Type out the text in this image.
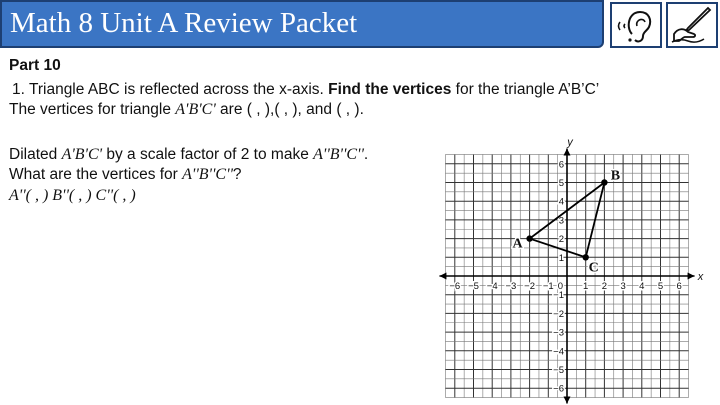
Math 8 Unit A Review Packet
Part 10
1. Triangle ABC is reflected across the x-axis. Find the vertices for the triangle A’B’C’
The vertices for triangle A'B'C' are ( , ),( , ), and ( , ).
Dilated A'B'C' by a scale factor of 2 to make A''B''C''.
What are the vertices for A''B''C''?
A''( , ) B''( , ) C''( , )
x
y
−6 −5 −4 −3 −2 −1	1 2 3 4 5 6
6
5
4
3
2
1
−1
−2
−3
−4
−5
−6
0
A
B
C
